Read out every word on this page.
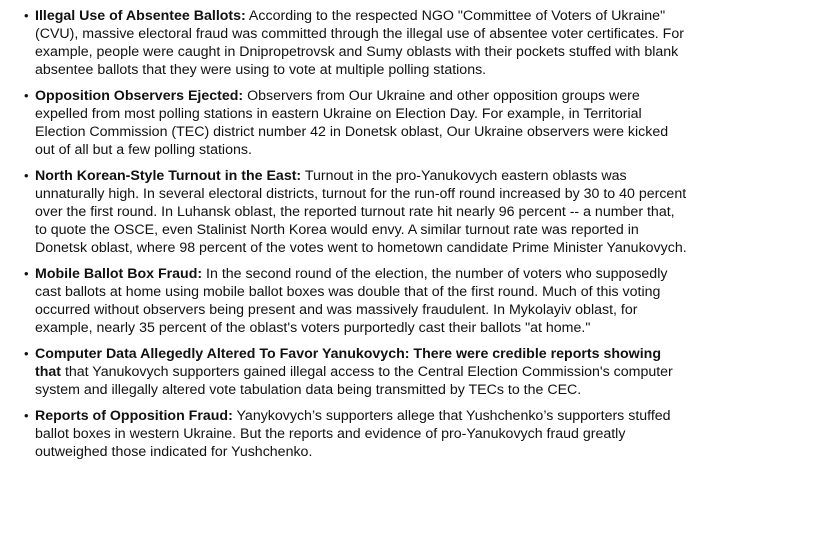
• Illegal Use of Absentee Ballots: According to the respected NGO "Committee of Voters of Ukraine" (CVU), massive electoral fraud was committed through the illegal use of absentee voter certificates. For example, people were caught in Dnipropetrovsk and Sumy oblasts with their pockets stuffed with blank absentee ballots that they were using to vote at multiple polling stations.
• Opposition Observers Ejected: Observers from Our Ukraine and other opposition groups were expelled from most polling stations in eastern Ukraine on Election Day. For example, in Territorial Election Commission (TEC) district number 42 in Donetsk oblast, Our Ukraine observers were kicked out of all but a few polling stations.
• North Korean-Style Turnout in the East: Turnout in the pro-Yanukovych eastern oblasts was unnaturally high. In several electoral districts, turnout for the run-off round increased by 30 to 40 percent over the first round. In Luhansk oblast, the reported turnout rate hit nearly 96 percent -- a number that, to quote the OSCE, even Stalinist North Korea would envy. A similar turnout rate was reported in Donetsk oblast, where 98 percent of the votes went to hometown candidate Prime Minister Yanukovych.
• Mobile Ballot Box Fraud: In the second round of the election, the number of voters who supposedly cast ballots at home using mobile ballot boxes was double that of the first round. Much of this voting occurred without observers being present and was massively fraudulent. In Mykolayiv oblast, for example, nearly 35 percent of the oblast's voters purportedly cast their ballots "at home."
• Computer Data Allegedly Altered To Favor Yanukovych: There were credible reports showing that that Yanukovych supporters gained illegal access to the Central Election Commission's computer system and illegally altered vote tabulation data being transmitted by TECs to the CEC.
• Reports of Opposition Fraud: Yanykovych’s supporters allege that Yushchenko’s supporters stuffed ballot boxes in western Ukraine. But the reports and evidence of pro-Yanukovych fraud greatly outweighed those indicated for Yushchenko.
